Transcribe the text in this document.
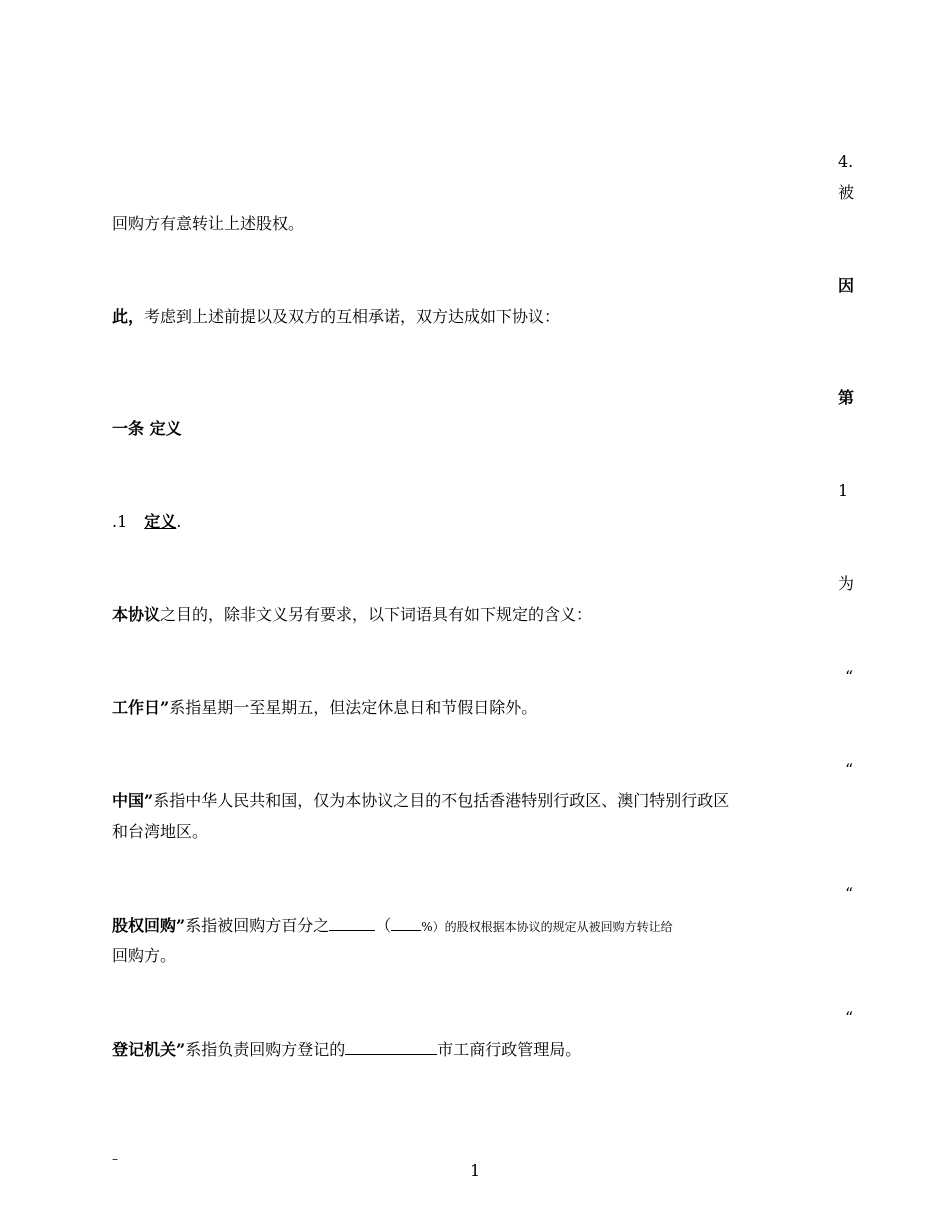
4.
被
回购方有意转让上述股权。
因
此，考虑到上述前提以及双方的互相承诺，双方达成如下协议：
第
一条 定义
1
.1 定义.
为
本协议之目的，除非文义另有要求，以下词语具有如下规定的含义：
“
工作日”系指星期一至星期五，但法定休息日和节假日除外。
“
中国”系指中华人民共和国，仅为本协议之目的不包括香港特别行政区、澳门特别行政区
和台湾地区。
“
股权回购”系指被回购方百分之	（	%）的股权根据本协议的规定从被回购方转让给
回购方。
“
登记机关”系指负责回购方登记的	市工商行政管理局。
–
1
